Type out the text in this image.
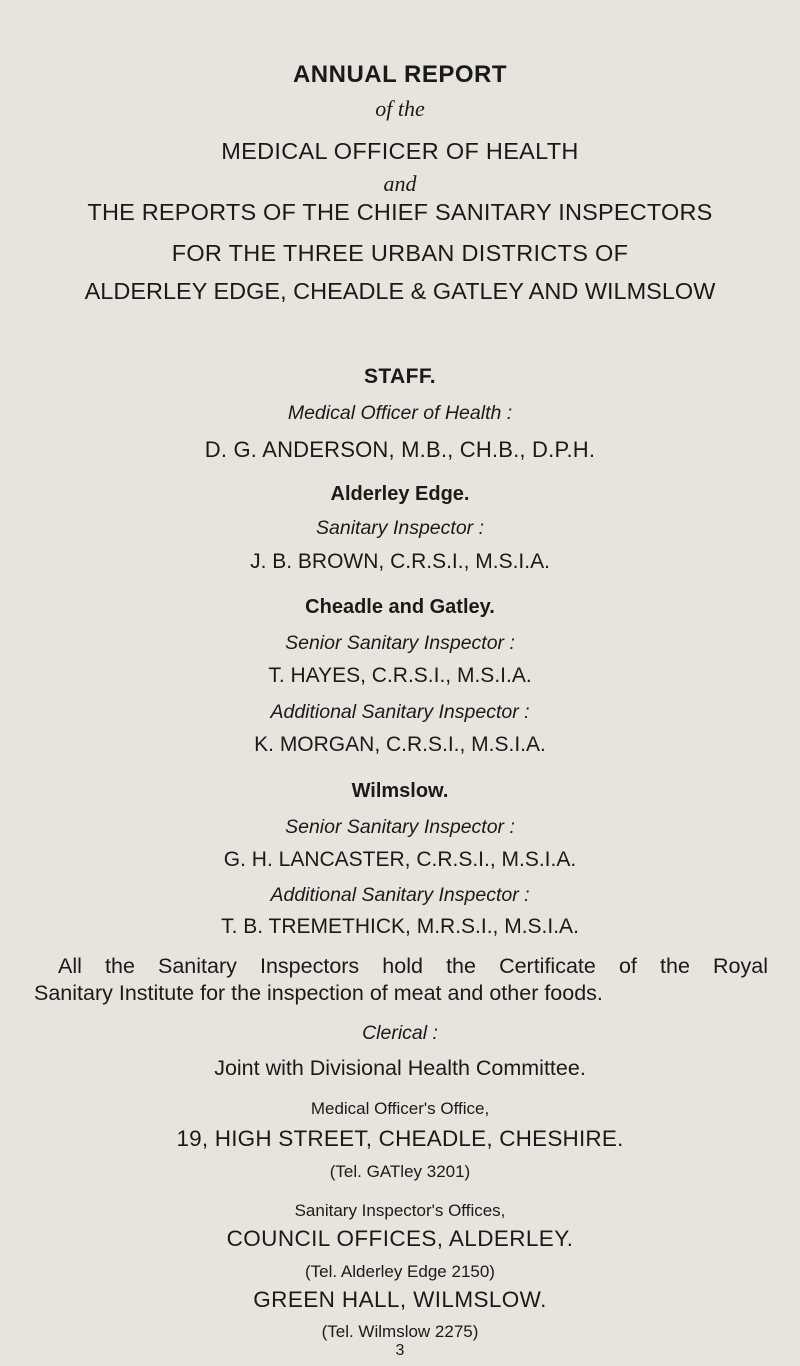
ANNUAL REPORT
of the
MEDICAL OFFICER OF HEALTH
and
THE REPORTS OF THE CHIEF SANITARY INSPECTORS
FOR THE THREE URBAN DISTRICTS OF
ALDERLEY EDGE, CHEADLE & GATLEY AND WILMSLOW
STAFF.
Medical Officer of Health :
D. G. ANDERSON, M.B., CH.B., D.P.H.
Alderley Edge.
Sanitary Inspector :
J. B. BROWN, C.R.S.I., M.S.I.A.
Cheadle and Gatley.
Senior Sanitary Inspector :
T. HAYES, C.R.S.I., M.S.I.A.
Additional Sanitary Inspector :
K. MORGAN, C.R.S.I., M.S.I.A.
Wilmslow.
Senior Sanitary Inspector :
G. H. LANCASTER, C.R.S.I., M.S.I.A.
Additional Sanitary Inspector :
T. B. TREMETHICK, M.R.S.I., M.S.I.A.
All the Sanitary Inspectors hold the Certificate of the Royal
Sanitary Institute for the inspection of meat and other foods.
Clerical :
Joint with Divisional Health Committee.
Medical Officer's Office,
19, HIGH STREET, CHEADLE, CHESHIRE.
(Tel. GATley 3201)
Sanitary Inspector's Offices,
COUNCIL OFFICES, ALDERLEY.
(Tel. Alderley Edge 2150)
GREEN HALL, WILMSLOW.
(Tel. Wilmslow 2275)
3
